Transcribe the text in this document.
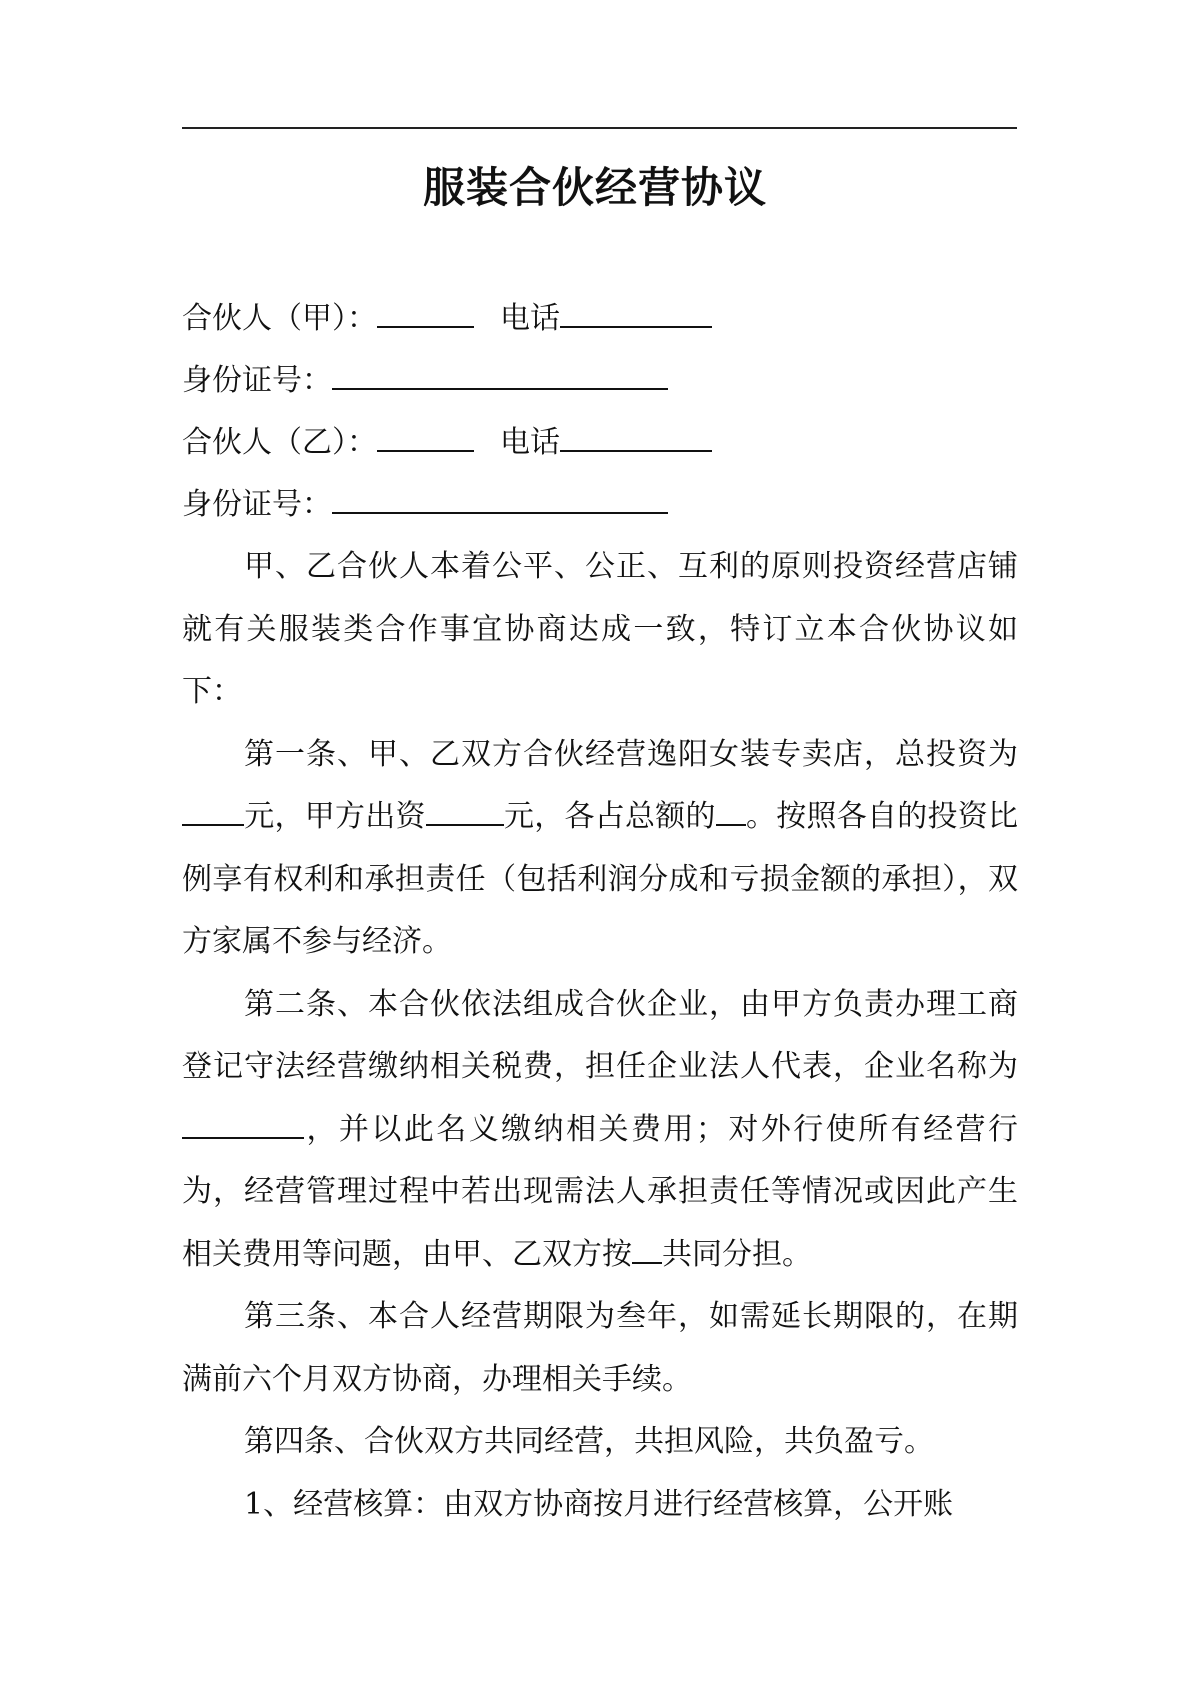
服装合伙经营协议
合伙人（甲）：	电话
身份证号：
合伙人（乙）：	电话
身份证号：

甲、乙合伙人本着公平、公正、互利的原则投资经营店铺就有关服装类合作事宜协商达成一致，特订立本合伙协议如下：

第一条、甲、乙双方合伙经营逸阳女装专卖店，总投资为元，甲方出资	元，各占总额的 。按照各自的投资比例享有权利和承担责任（包括利润分成和亏损金额的承担），双方家属不参与经济。

第二条、本合伙依法组成合伙企业，由甲方负责办理工商登记守法经营缴纳相关税费，担任企业法人代表，企业名称为，并以此名义缴纳相关费用；对外行使所有经营行为，经营管理过程中若出现需法人承担责任等情况或因此产生相关费用等问题，由甲、乙双方按 共同分担。

第三条、本合人经营期限为叁年，如需延长期限的，在期满前六个月双方协商，办理相关手续。

第四条、合伙双方共同经营，共担风险，共负盈亏。

1、经营核算：由双方协商按月进行经营核算，公开账
